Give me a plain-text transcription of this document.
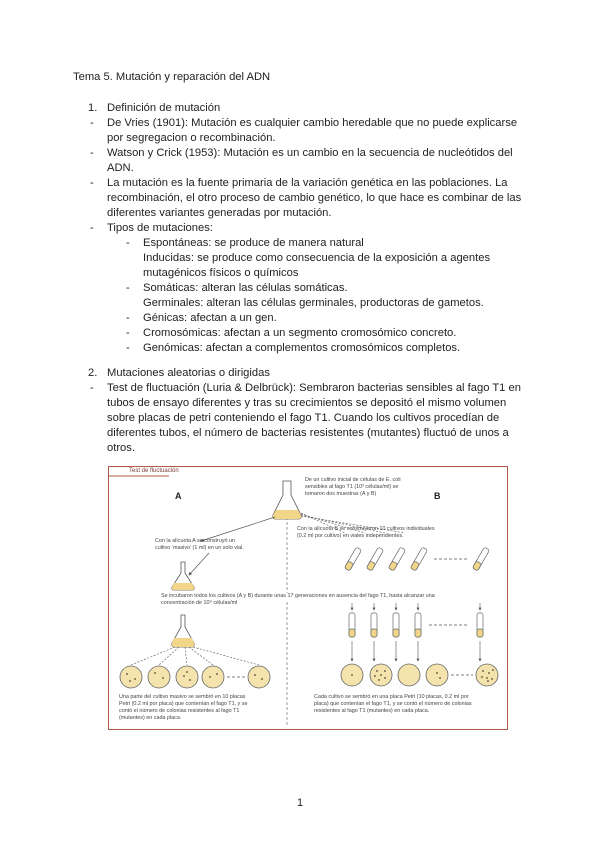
Tema 5. Mutación y reparación del ADN
1. Definición de mutación
- De Vries (1901): Mutación es cualquier cambio heredable que no puede explicarse
por segregacion o recombinación.
- Watson y Crick (1953): Mutación es un cambio en la secuencia de nucleótidos del
ADN.
- La mutación es la fuente primaria de la variación genética en las poblaciones. La
recombinación, el otro proceso de cambio genético, lo que hace es combinar de las
diferentes variantes generadas por mutación.
- Tipos de mutaciones:
- Espontáneas: se produce de manera natural
Inducidas: se produce como consecuencia de la exposición a agentes
mutagénicos físicos o químicos
- Somáticas: alteran las células somáticas.
Germinales: alteran las células germinales, productoras de gametos.
- Génicas: afectan a un gen.
- Cromosómicas: afectan a un segmento cromosómico concreto.
- Genómicas: afectan a complementos cromosómicos completos.
2. Mutaciones aleatorias o dirigidas
- Test de fluctuación (Luria & Delbrück): Sembraron bacterias sensibles al fago T1 en
tubos de ensayo diferentes y tras su crecimientos se depositó el mismo volumen
sobre placas de petri conteniendo el fago T1. Cuando los cultivos procedían de
diferentes tubos, el número de bacterias resistentes (mutantes) fluctuó de unos a
otros.
Test de fluctuación
A	B
De un cultivo inicial de células de E. coli
sensibles al fago T1 (10³ células/ml) se
tomaron dos muestras (A y B)
Con la alícuota A se construyó un
cultivo ‘masivo’ (1 ml) en un solo vial.
Con la alícuota B se construyeron 10 cultivos individuales
(0.2 ml por cultivo) en viales independientes.
Se incubaron todos los cultivos (A y B) durante unas 17 generaciones en ausencia del fago T1, hasta alcanzar una
concentración de 10⁹ células/ml
Una parte del cultivo masivo se sembró en 10 placas
Petri (0.2 ml por placa) que contenían el fago T1, y se
contó el número de colonias resistentes al fago T1
(mutantes) en cada placa.
Cada cultivo se sembró en una placa Petri (10 placas, 0.2 ml por
placa) que contenían el fago T1, y se contó el número de colonias
resistentes al fago T1 (mutantes) en cada placa.
1
